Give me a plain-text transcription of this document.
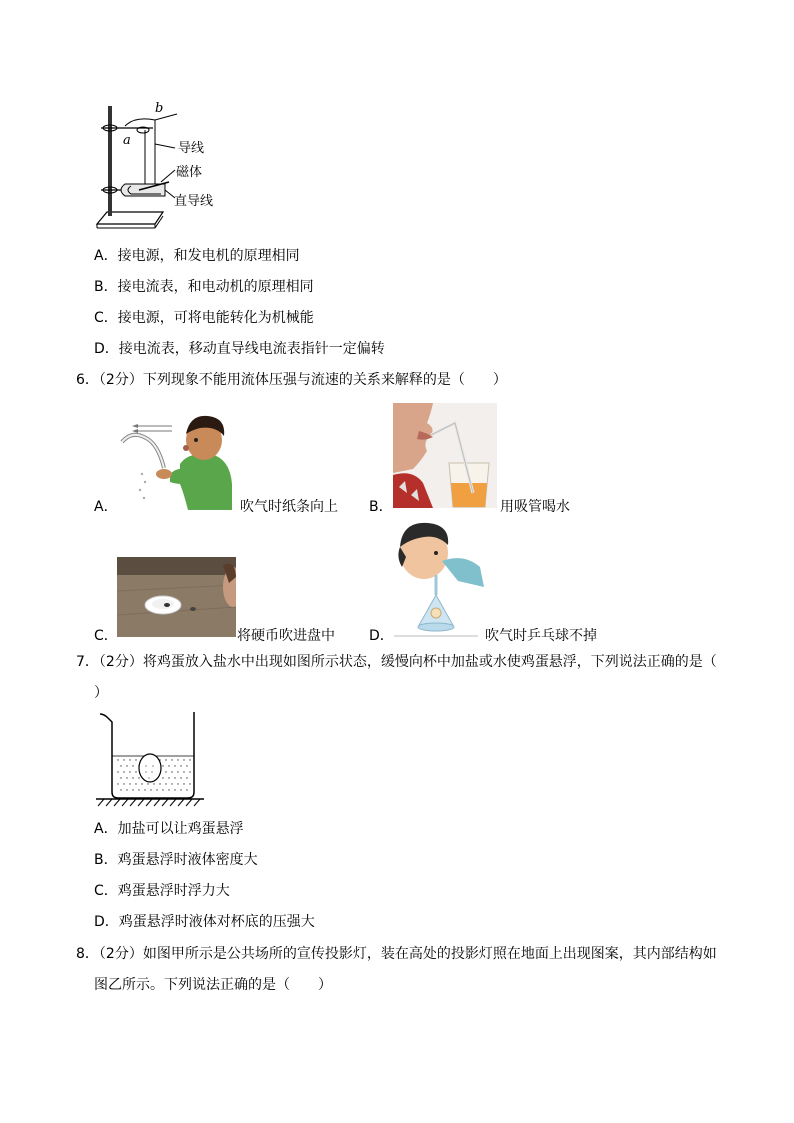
b
a
导线
磁体
直导线
A．接电源，和发电机的原理相同
B．接电流表，和电动机的原理相同
C．接电源，可将电能转化为机械能
D．接电流表，移动直导线电流表指针一定偏转
6．（2分）下列现象不能用流体压强与流速的关系来解释的是（　　）
A．	吹气时纸条向上 B．	用吸管喝水
C．	将硬币吹进盘中 D．	吹气时乒乓球不掉
7．（2分）将鸡蛋放入盐水中出现如图所示状态，缓慢向杯中加盐或水使鸡蛋悬浮，下列说法正确的是（
）
A．加盐可以让鸡蛋悬浮
B．鸡蛋悬浮时液体密度大
C．鸡蛋悬浮时浮力大
D．鸡蛋悬浮时液体对杯底的压强大
8．（2分）如图甲所示是公共场所的宣传投影灯，装在高处的投影灯照在地面上出现图案，其内部结构如
图乙所示。下列说法正确的是（　　）
